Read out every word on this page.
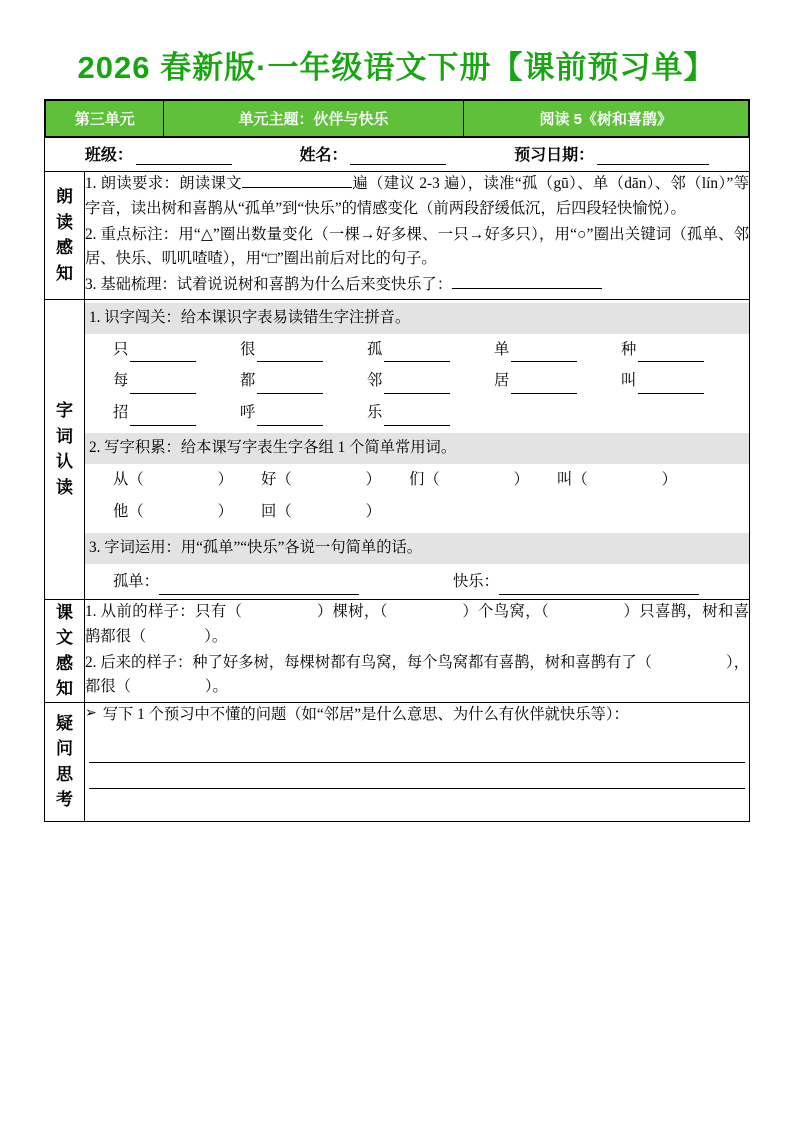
2026 春新版·一年级语文下册【课前预习单】
第三单元	单元主题：伙伴与快乐	阅读 5《树和喜鹊》

班级：	姓名：	预习日期：

朗
读
感
知

1. 朗读要求：朗读课文	遍（建议 2-3 遍），读准“孤（gū）、单（dān）、邻（lín）”等字音，读出树和喜鹊从“孤单”到“快乐”的情感变化（前两段舒缓低沉，后四段轻快愉悦）。
2. 重点标注：用“△”圈出数量变化（一棵→好多棵、一只→好多只），用“○”圈出关键词（孤单、邻居、快乐、叽叽喳喳），用“□”圈出前后对比的句子。
3. 基础梳理：试着说说树和喜鹊为什么后来变快乐了：

字
词
认
读

1. 识字闯关：给本课识字表易读错生字注拼音。
只	很	孤	单	种
每	都	邻	居	叫
招	呼	乐
2. 写字积累：给本课写字表生字各组 1 个简单常用词。
从 （	） 好 （	） 们 （	） 叫 （	）
他 （	） 回 （	）
3. 字词运用：用“孤单”“快乐”各说一句简单的话。
孤单：	快乐：

课
文
感
知

1. 从前的样子：只有（	）棵树，（	）个鸟窝，（	）只喜鹊，树和喜鹊都很（	）。
2. 后来的样子：种了好多树，每棵树都有鸟窝，每个鸟窝都有喜鹊，树和喜鹊有了（	），都很（	）。

疑
问
思
考

➢ 写下 1 个预习中不懂的问题（如“邻居”是什么意思、为什么有伙伴就快乐等）：
